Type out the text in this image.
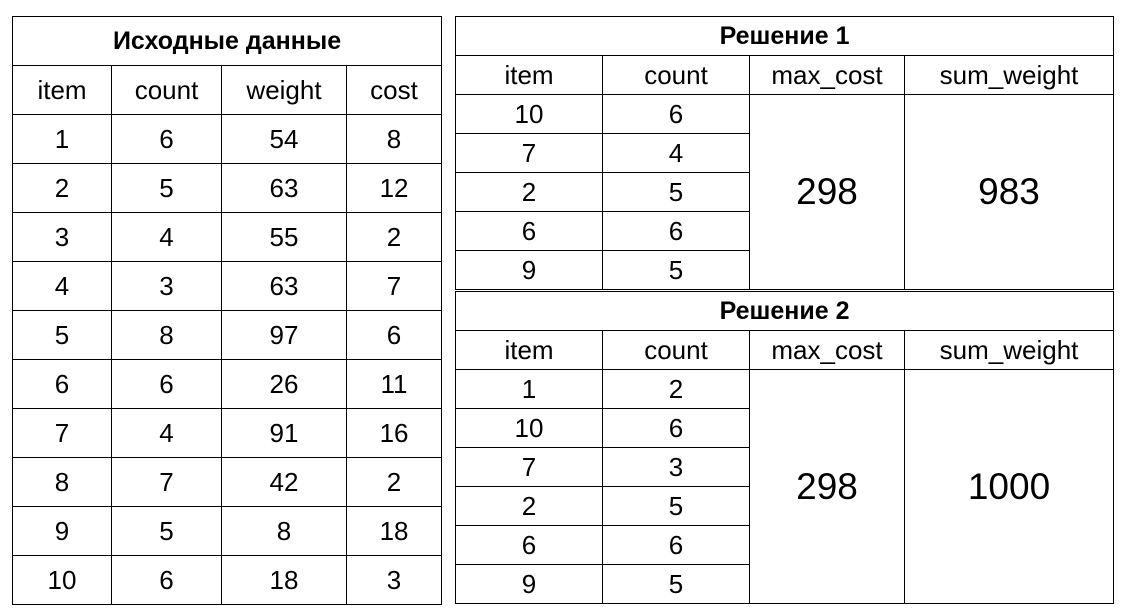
Исходные данные			
item	count	weight	cost
1	6	54	8
2	5	63	12
3	4	55	2
4	3	63	7
5	8	97	6
6	6	26	11
7	4	91	16
8	7	42	2
9	5	8	18
10	6	18	3
Решение 1			
item	count	max_cost	sum_weight
10	6	298	983
7	4		
2	5		
6	6		
9	5		
Решение 2			
item	count	max_cost	sum_weight
1	2	298	1000
10	6		
7	3		
2	5		
6	6		
9	5		
